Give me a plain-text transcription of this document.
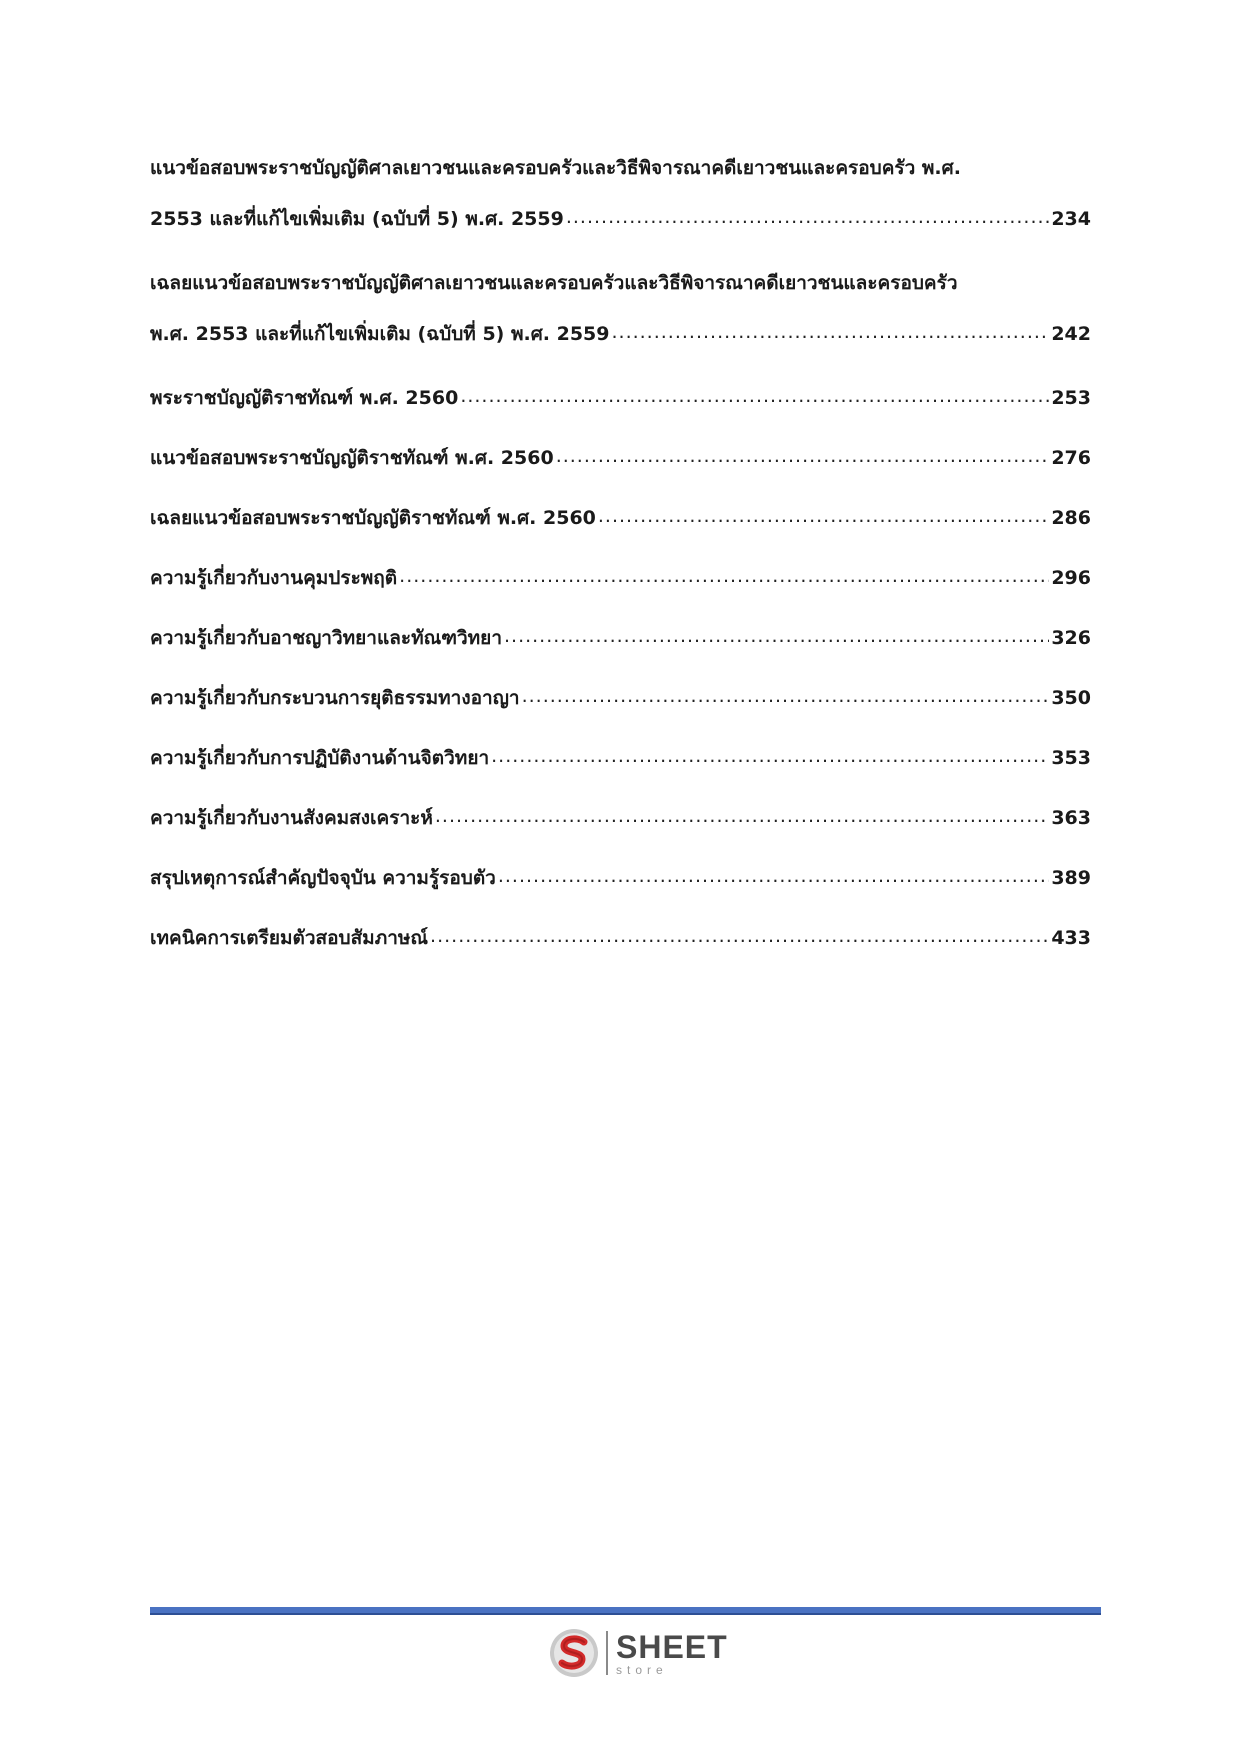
แนวข้อสอบพระราชบัญญัติศาลเยาวชนและครอบครัวและวิธีพิจารณาคดีเยาวชนและครอบครัว พ.ศ.
2553 และที่แก้ไขเพิ่มเติม (ฉบับที่ 5) พ.ศ. 2559 .....	234
เฉลยแนวข้อสอบพระราชบัญญัติศาลเยาวชนและครอบครัวและวิธีพิจารณาคดีเยาวชนและครอบครัว
พ.ศ. 2553 และที่แก้ไขเพิ่มเติม (ฉบับที่ 5) พ.ศ. 2559 .....	242
พระราชบัญญัติราชทัณฑ์ พ.ศ. 2560 .....	253
แนวข้อสอบพระราชบัญญัติราชทัณฑ์ พ.ศ. 2560 .....	276
เฉลยแนวข้อสอบพระราชบัญญัติราชทัณฑ์ พ.ศ. 2560 .....	286
ความรู้เกี่ยวกับงานคุมประพฤติ .....	296
ความรู้เกี่ยวกับอาชญาวิทยาและทัณฑวิทยา .....	326
ความรู้เกี่ยวกับกระบวนการยุติธรรมทางอาญา .....	350
ความรู้เกี่ยวกับการปฏิบัติงานด้านจิตวิทยา .....	353
ความรู้เกี่ยวกับงานสังคมสงเคราะห์ .....	363
สรุปเหตุการณ์สำคัญปัจจุบัน ความรู้รอบตัว .....	389
เทคนิคการเตรียมตัวสอบสัมภาษณ์ .....	433
SHEET
store
